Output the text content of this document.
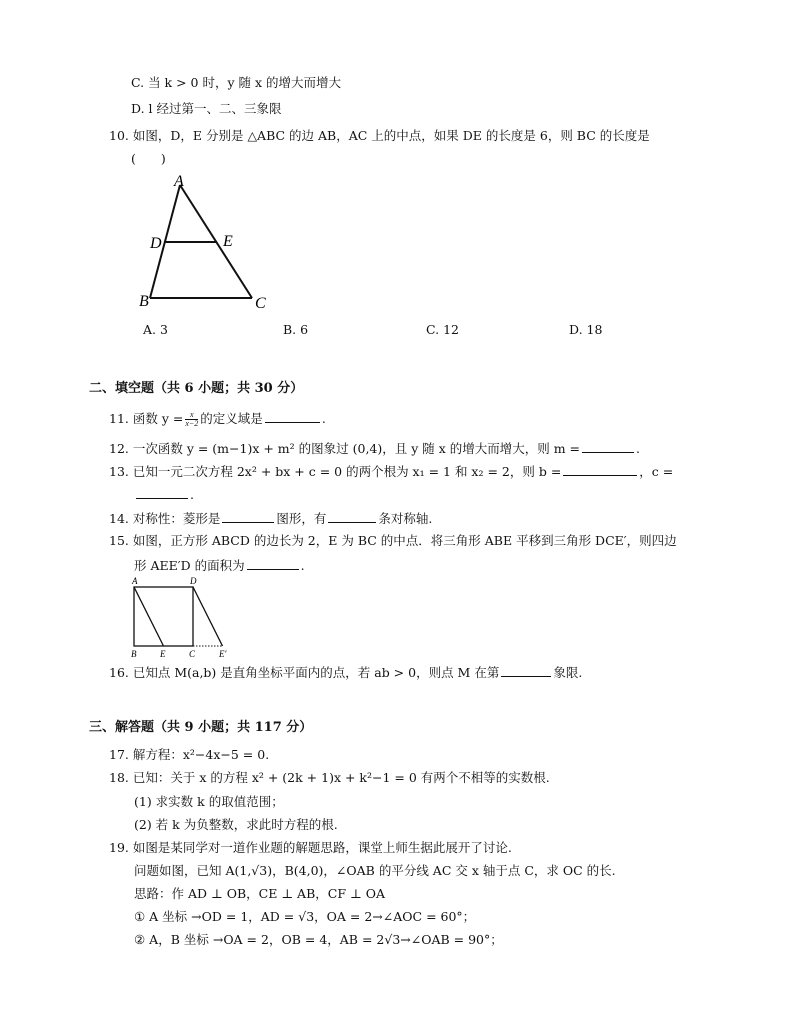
C. 当 k > 0 时，y 随 x 的增大而增大
D. l 经过第一、二、三象限
10. 如图，D，E 分别是 △ABC 的边 AB，AC 上的中点，如果 DE 的长度是 6，则 BC 的长度是
(　　)
A
D	E
B	C
A. 3	B. 6	C. 12	D. 18
二、填空题（共 6 小题；共 30 分）
11. 函数 $y = \frac{x}{x-2}$ 的定义域是	.
12. 一次函数 y = (m−1)x + m² 的图象过 (0,4)，且 y 随 x 的增大而增大，则 m =	.
13. 已知一元二次方程 2x² + bx + c = 0 的两个根为 x₁ = 1 和 x₂ = 2，则 b =	，c =
.
14. 对称性：菱形是	图形，有	条对称轴.
15. 如图，正方形 ABCD 的边长为 2，E 为 BC 的中点．将三角形 ABE 平移到三角形 DCE′，则四边
形 AEE′D 的面积为	.
A	D
B	E	C	E′
16. 已知点 M(a,b) 是直角坐标平面内的点，若 ab > 0，则点 M 在第	象限.
三、解答题（共 9 小题；共 117 分）
17. 解方程：x²−4x−5 = 0.
18. 已知：关于 x 的方程 x² + (2k + 1)x + k²−1 = 0 有两个不相等的实数根.
(1) 求实数 k 的取值范围；
(2) 若 k 为负整数，求此时方程的根.
19. 如图是某同学对一道作业题的解题思路，课堂上师生据此展开了讨论.
问题如图，已知 A(1,√3)，B(4,0)，∠OAB 的平分线 AC 交 x 轴于点 C，求 OC 的长.
思路：作 AD ⊥ OB，CE ⊥ AB，CF ⊥ OA
① A 坐标 →OD = 1，AD = √3，OA = 2→∠AOC = 60°；
② A，B 坐标 →OA = 2，OB = 4，AB = 2√3→∠OAB = 90°；
